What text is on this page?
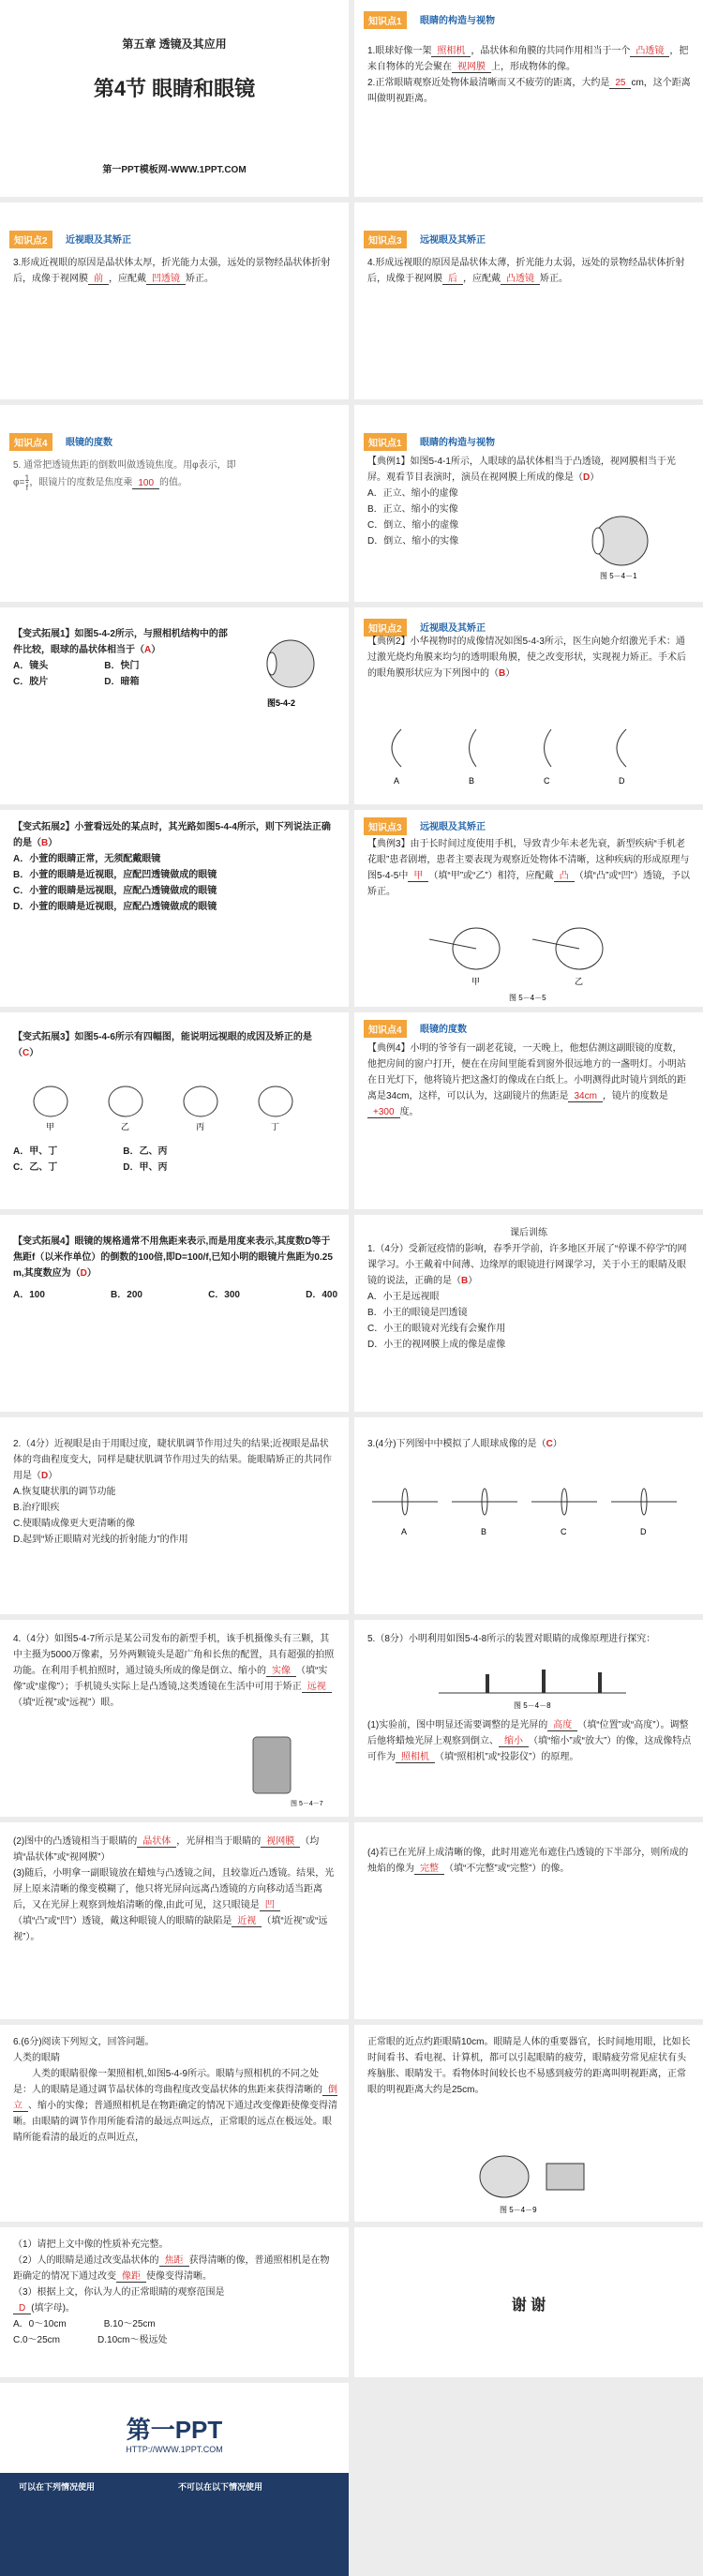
第五章 透镜及其应用
第4节 眼睛和眼镜
第一PPT模板网-WWW.1PPT.COM
知识点1	眼睛的构造与视物
1.眼球好像一架 照相机 ，晶状体和角膜的共同作用相当于一个 凸透镜 ，把来自物体的光会聚在 视网膜 上，形成物体的像。
2.正常眼睛观察近处物体最清晰而又不疲劳的距离，大约是 25 cm，这个距离叫做明视距离。
知识点2	近视眼及其矫正
3.形成近视眼的原因是晶状体太厚，折光能力太强，远处的景物经晶状体折射后，成像于视网膜 前 ，应配戴 凹透镜 矫正。
知识点3	远视眼及其矫正
4.形成远视眼的原因是晶状体太薄，折光能力太弱，远处的景物经晶状体折射后，成像于视网膜 后 ，应配戴 凸透镜 矫正。
知识点4	眼镜的度数
5. 通常把透镜焦距的倒数叫做透镜焦度。用φ表示，即
φ=1
f，眼镜片的度数是焦度乘 100 的值。
知识点1	眼睛的构造与视物
【典例1】如图5-4-1所示，人眼球的晶状体相当于凸透镜，视网膜相当于光屏。观看节目表演时，演员在视网膜上所成的像是（D）
A．正立、缩小的虚像
B．正立、缩小的实像
C．倒立、缩小的虚像
D．倒立、缩小的实像
图 5－4－1
【变式拓展1】如图5-4-2所示，与照相机结构中的部件比较，眼球的晶状体相当于（A）
A．镜头	B．快门
C．胶片	D．暗箱
图5-4-2
知识点2	近视眼及其矫正
【典例2】小华视物时的成像情况如图5-4-3所示，医生向她介绍激光手术：通过激光烧灼角膜来均匀的透明眼角膜，使之改变形状，实现视力矫正。手术后的眼角膜形状应为下列图中的（B）
A	B	C	D
【变式拓展2】小萱看远处的某点时，其光路如图5-4-4所示，则下列说法正确的是（B）
A．小萱的眼睛正常，无须配戴眼镜
B．小萱的眼睛是近视眼，应配凹透镜做成的眼镜
C．小萱的眼睛是远视眼，应配凸透镜做成的眼镜
D．小萱的眼睛是近视眼，应配凸透镜做成的眼镜
知识点3	远视眼及其矫正
【典例3】由于长时间过度使用手机，导致青少年未老先衰，新型疾病“手机老花眼”患者剧增，患者主要表现为观察近处物体不清晰，这种疾病的形成原理与图5-4-5中 甲 （填“甲”或“乙”）相符，应配戴 凸 （填“凸”或“凹”）透镜，予以矫正。
甲	乙
图 5－4－5
【变式拓展3】如图5-4-6所示有四幅图，能说明远视眼的成因及矫正的是（C）
甲	乙	丙	丁
A．甲、丁	B．乙、丙
C．乙、丁	D．甲、丙
知识点4	眼镜的度数
【典例4】小明的爷爷有一副老花镜，一天晚上，他想估测这副眼镜的度数，他把房间的窗户打开，便在在房间里能看到窗外很远地方的一盏明灯。小明站在日光灯下，他将镜片把这盏灯的像成在白纸上。小明测得此时镜片到纸的距离是34cm，这样，可以认为，这副镜片的焦距是 34cm ，镜片的度数是+300 度。
【变式拓展4】眼镜的规格通常不用焦距来表示,而是用度来表示,其度数D等于焦距f（以米作单位）的倒数的100倍,即D=100/f,已知小明的眼镜片焦距为0.25 m,其度数应为（D）
A．100	B．200	C．300	D．400
课后训练
1.（4分）受新冠疫情的影响，春季开学前，许多地区开展了“停课不停学”的网课学习。小王戴着中间薄、边缘厚的眼镜进行网课学习，关于小王的眼睛及眼镜的说法，正确的是（B）
A．小王是远视眼
B．小王的眼镜是凹透镜
C．小王的眼镜对光线有会聚作用
D．小王的视网膜上成的像是虚像
2.（4分）近视眼是由于用眼过度，睫状肌调节作用过失的结果;近视眼是晶状体的弯曲程度变大，同样是睫状肌调节作用过失的结果。能眼睛矫正的共同作用是（D）
A.恢复睫状肌的调节功能
B.治疗眼疾
C.使眼睛成像更大更清晰的像
D.起到“矫正眼睛对光线的折射能力”的作用
3.(4分)下列图中中模拟了人眼球成像的是（C）
A	B	C	D
4.（4分）如图5-4-7所示是某公司发布的新型手机，该手机摄像头有三颗，其中主摄为5000万像素，另外两颗镜头是超广角和长焦的配置，具有超强的拍照功能。在利用手机拍照时，通过镜头所成的像是倒立、缩小的 实像 （填“实像”或“虚像”）；手机镜头实际上是凸透镜,这类透镜在生活中可用于矫正 远视（填“近视”或“远视”）眼。
图 5－4－7
5.（8分）小明利用如图5-4-8所示的装置对眼睛的成像原理进行探究：
图 5－4－8
(1)实验前，图中明显还需要调整的是光屏的 高度 （填“位置”或“高度”）。调整后他将蜡烛光屏上观察到倒立、 缩小 （填“缩小”或“放大”）的像，这成像特点可作为 照相机 （填“照相机”或“投影仪”）的原理。
(2)图中的凸透镜相当于眼睛的 晶状体 ，光屏相当于眼睛的 视网膜 （均填“晶状体”或“视网膜”）
(3)随后，小明拿一副眼镜放在蜡烛与凸透镜之间，且较靠近凸透镜。结果，光屏上原来清晰的像变模糊了，他只将光屏向远离凸透镜的方向移动适当距离后，又在光屏上观察到烛焰清晰的像,由此可见，这只眼镜是 凹（填“凸”或“凹”）透镜，戴这种眼镜人的眼睛的缺陷是 近视 （填“近视”或“远视”）。
(4)若已在光屏上成清晰的像，此时用遮光布遮住凸透镜的下半部分，则所成的烛焰的像为 完整 （填“不完整”或“完整”）的像。
6.(6分)阅读下列短文，回答问题。
人类的眼睛
人类的眼睛很像一架照相机,如图5-4-9所示。眼睛与照相机的不同之处是：人的眼睛是通过调节晶状体的弯曲程度改变晶状体的焦距来获得清晰的 倒立 、缩小的实像；普通照相机是在物距确定的情况下通过改变像距使像变得清晰。由眼睛的调节作用所能看清的最远点叫远点，正常眼的远点在极远处。眼睛所能看清的最近的点叫近点，
正常眼的近点约距眼睛10cm。眼睛是人体的重要器官，长时间地用眼，比如长时间看书、看电视、计算机，都可以引起眼睛的疲劳，眼睛疲劳常见症状有头疼脑胀、眼睛发干。看物体时间较长也不易感到疲劳的距离叫明视距离，正常眼的明视距离大约是25cm。
图 5－4－9
（1）请把上文中像的性质补充完整。
（2）人的眼睛是通过改变晶状体的 焦距 获得清晰的像，普通照相机是在物距确定的情况下通过改变 像距 使像变得清晰。
（3）根据上文，你认为人的正常眼睛的观察范围是
D (填字母)。
A．0～10cm	B.10～25cm
C.0～25cm	D.10cm～极远处
谢 谢
第一PPT
HTTP://WWW.1PPT.COM
可以在下列情况使用	不可以在以下情况使用
